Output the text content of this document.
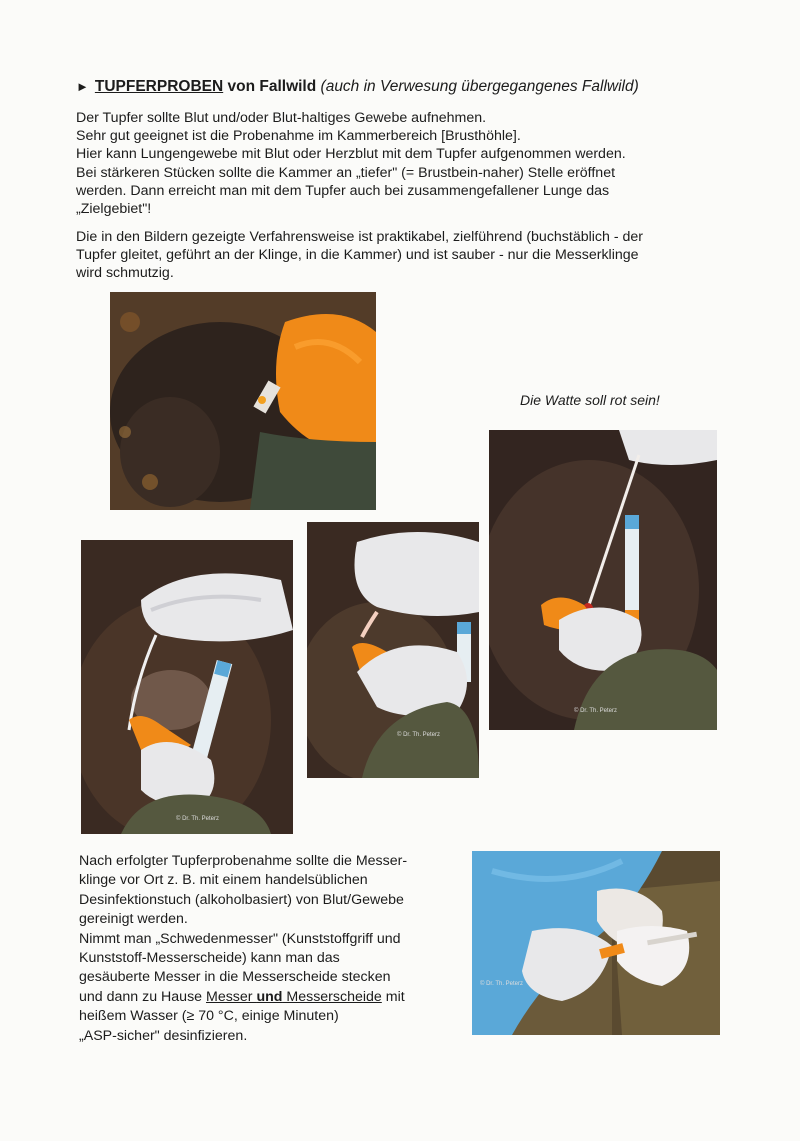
► TUPFERPROBEN von Fallwild (auch in Verwesung übergegangenes Fallwild)
Der Tupfer sollte Blut und/oder Blut-haltiges Gewebe aufnehmen.
Sehr gut geeignet ist die Probenahme im Kammerbereich [Brusthöhle].
Hier kann Lungengewebe mit Blut oder Herzblut mit dem Tupfer aufgenommen werden.
Bei stärkeren Stücken sollte die Kammer an „tiefer" (= Brustbein-naher) Stelle eröffnet
werden. Dann erreicht man mit dem Tupfer auch bei zusammengefallener Lunge das
„Zielgebiet"!
Die in den Bildern gezeigte Verfahrensweise ist praktikabel, zielführend (buchstäblich - der
Tupfer gleitet, geführt an der Klinge, in die Kammer) und ist sauber - nur die Messerklinge
wird schmutzig.
Die Watte soll rot sein!
© Dr. Th. Peterz
© Dr. Th. Peterz
© Dr. Th. Peterz
© Dr. Th. Peterz
Nach erfolgter Tupferprobenahme sollte die Messer-
klinge vor Ort z. B. mit einem handelsüblichen
Desinfektionstuch (alkoholbasiert) von Blut/Gewebe
gereinigt werden.
Nimmt man „Schwedenmesser" (Kunststoffgriff und
Kunststoff-Messerscheide) kann man das
gesäuberte Messer in die Messerscheide stecken
und dann zu Hause Messer und Messerscheide mit
heißem Wasser (≥ 70 °C, einige Minuten)
„ASP-sicher" desinfizieren.
